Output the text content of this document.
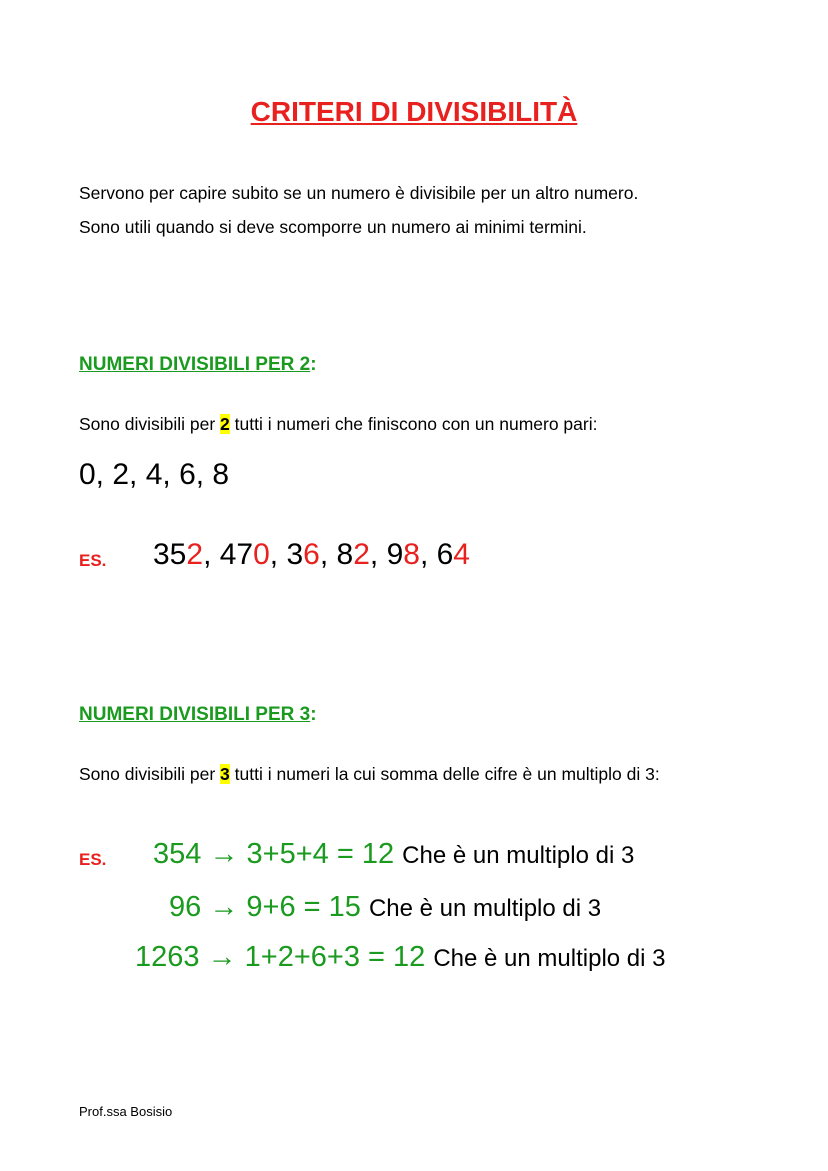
CRITERI DI DIVISIBILITÀ
Servono per capire subito se un numero è divisibile per un altro numero.
Sono utili quando si deve scomporre un numero ai minimi termini.
NUMERI DIVISIBILI PER 2:
Sono divisibili per 2 tutti i numeri che finiscono con un numero pari:
0, 2, 4, 6, 8
ES. 352, 470, 36, 82, 98, 64
NUMERI DIVISIBILI PER 3:
Sono divisibili per 3 tutti i numeri la cui somma delle cifre è un multiplo di 3:
ES. 354 → 3+5+4 = 12 Che è un multiplo di 3
96 → 9+6 = 15 Che è un multiplo di 3
1263 → 1+2+6+3 = 12 Che è un multiplo di 3
Prof.ssa Bosisio
